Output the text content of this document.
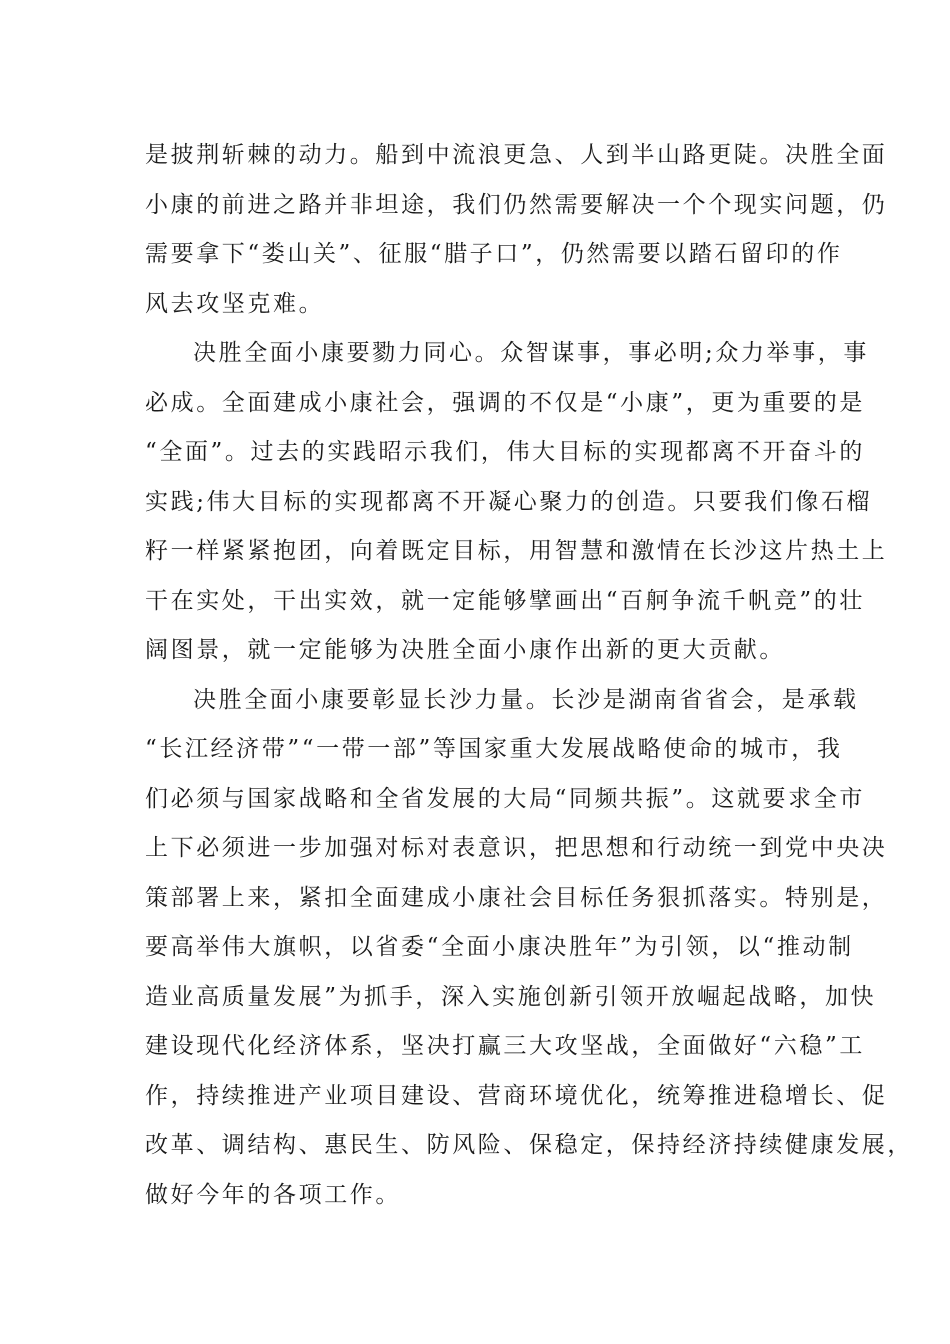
是披荆斩棘的动力。船到中流浪更急、人到半山路更陡。决胜全面
小康的前进之路并非坦途，我们仍然需要解决一个个现实问题，仍
需要拿下“娄山关”、征服“腊子口”，仍然需要以踏石留印的作
风去攻坚克难。
决胜全面小康要勠力同心。众智谋事，事必明;众力举事，事
必成。全面建成小康社会，强调的不仅是“小康”，更为重要的是
“全面”。过去的实践昭示我们，伟大目标的实现都离不开奋斗的
实践;伟大目标的实现都离不开凝心聚力的创造。只要我们像石榴
籽一样紧紧抱团，向着既定目标，用智慧和激情在长沙这片热土上
干在实处，干出实效，就一定能够擘画出“百舸争流千帆竞”的壮
阔图景，就一定能够为决胜全面小康作出新的更大贡献。
决胜全面小康要彰显长沙力量。长沙是湖南省省会，是承载
“长江经济带”“一带一部”等国家重大发展战略使命的城市，我
们必须与国家战略和全省发展的大局“同频共振”。这就要求全市
上下必须进一步加强对标对表意识，把思想和行动统一到党中央决
策部署上来，紧扣全面建成小康社会目标任务狠抓落实。特别是，
要高举伟大旗帜，以省委“全面小康决胜年”为引领，以“推动制
造业高质量发展”为抓手，深入实施创新引领开放崛起战略，加快
建设现代化经济体系，坚决打赢三大攻坚战，全面做好“六稳”工
作，持续推进产业项目建设、营商环境优化，统筹推进稳增长、促
改革、调结构、惠民生、防风险、保稳定，保持经济持续健康发展，
做好今年的各项工作。
